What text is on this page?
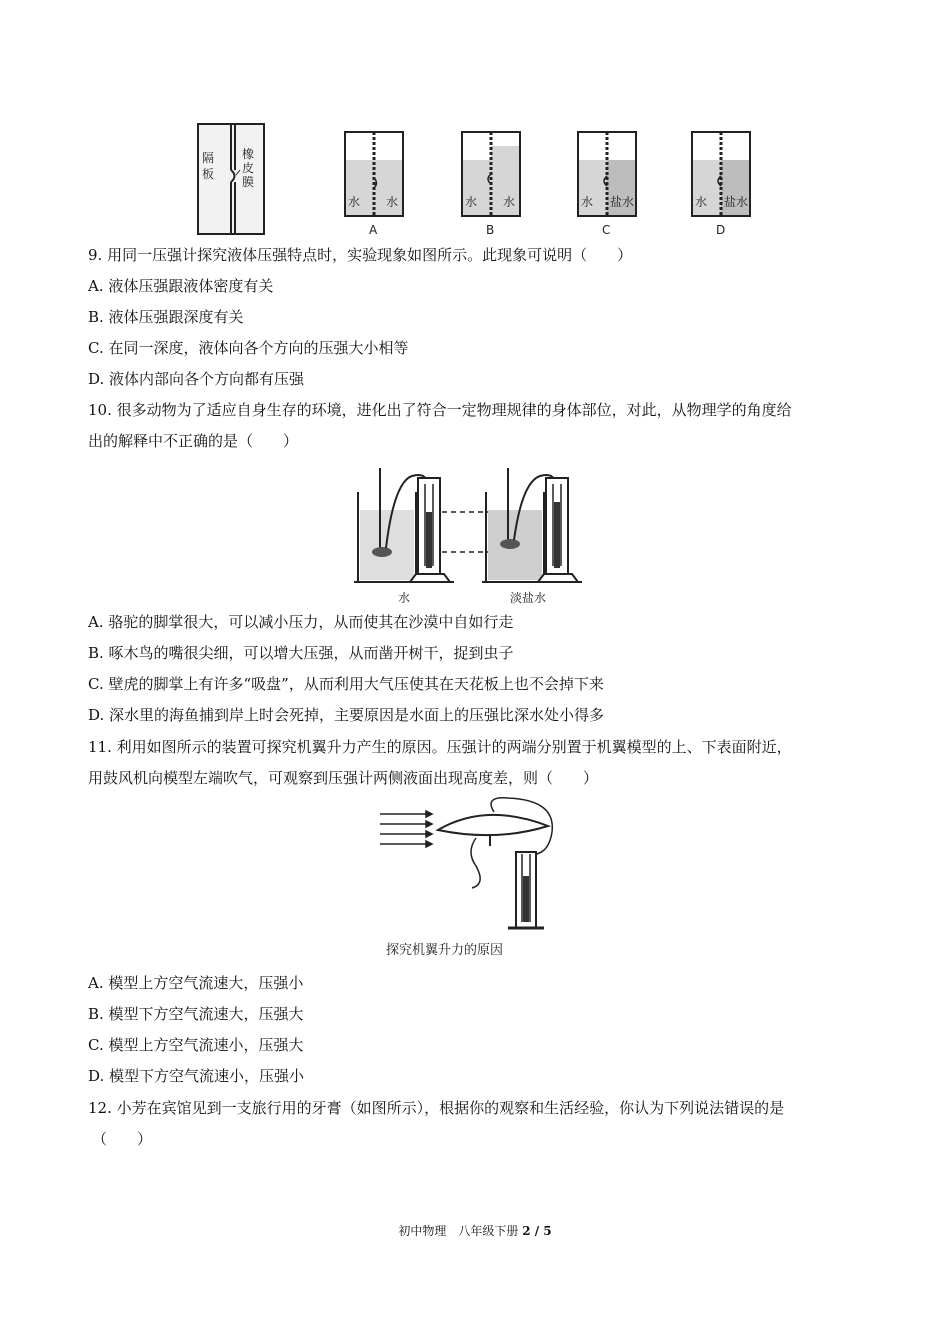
隔
板
橡
皮
膜
水 水
A
水 水
B
水 盐水
C
水 盐水
D
9. 用同一压强计探究液体压强特点时，实验现象如图所示。此现象可说明（　　）
A. 液体压强跟液体密度有关
B. 液体压强跟深度有关
C. 在同一深度，液体向各个方向的压强大小相等
D. 液体内部向各个方向都有压强
10. 很多动物为了适应自身生存的环境，进化出了符合一定物理规律的身体部位，对此，从物理学的角度给
出的解释中不正确的是（　　）
水	淡盐水
A. 骆驼的脚掌很大，可以减小压力，从而使其在沙漠中自如行走
B. 啄木鸟的嘴很尖细，可以增大压强，从而凿开树干，捉到虫子
C. 壁虎的脚掌上有许多“吸盘”，从而利用大气压使其在天花板上也不会掉下来
D. 深水里的海鱼捕到岸上时会死掉，主要原因是水面上的压强比深水处小得多
11. 利用如图所示的装置可探究机翼升力产生的原因。压强计的两端分别置于机翼模型的上、下表面附近，
用鼓风机向模型左端吹气，可观察到压强计两侧液面出现高度差，则（　　）
探究机翼升力的原因
A. 模型上方空气流速大，压强小
B. 模型下方空气流速大，压强大
C. 模型上方空气流速小，压强大
D. 模型下方空气流速小，压强小
12. 小芳在宾馆见到一支旅行用的牙膏（如图所示），根据你的观察和生活经验，你认为下列说法错误的是
（　　）
初中物理　八年级下册 2 / 5
